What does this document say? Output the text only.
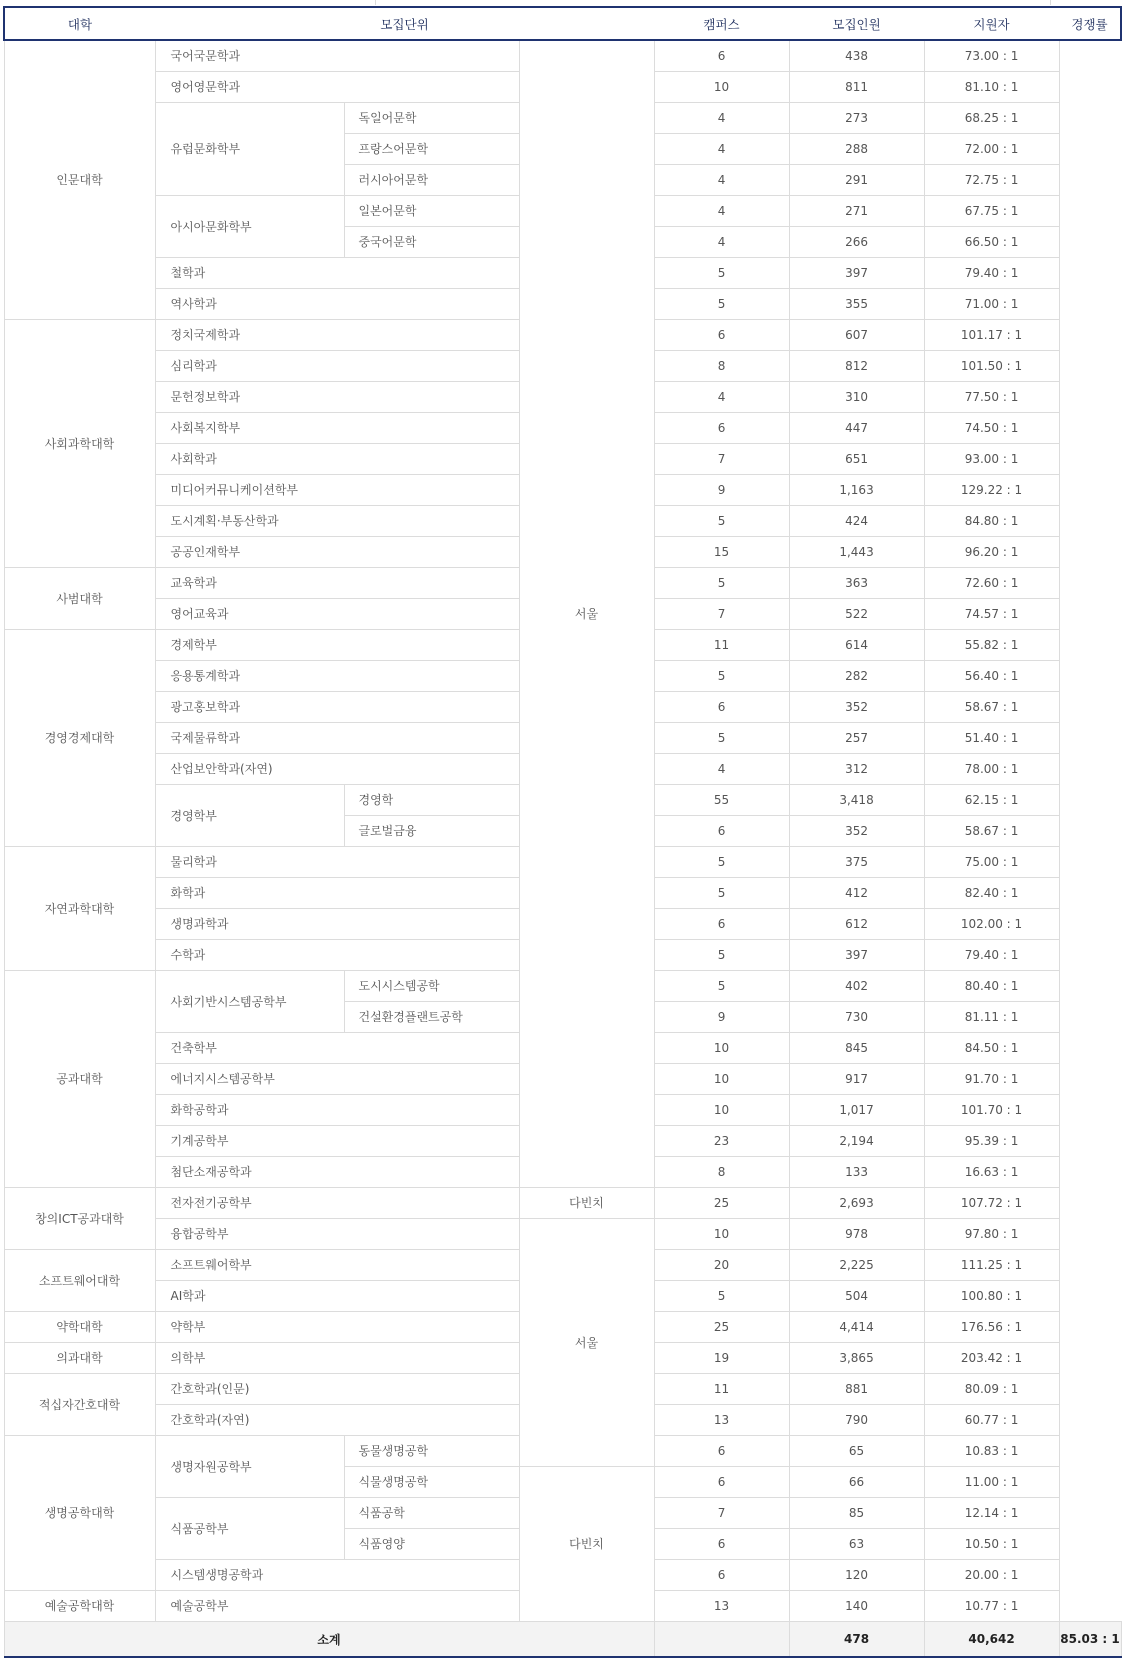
대학	모집단위			캠퍼스	모집인원	지원자	경쟁률
인문대학	국어국문학과		서울	6	438	73.00 : 1	
	영어영문학과			10	811	81.10 : 1	
	유럽문화학부	독일어문학		4	273	68.25 : 1	
		프랑스어문학		4	288	72.00 : 1	
		러시아어문학		4	291	72.75 : 1	
	아시아문화학부	일본어문학		4	271	67.75 : 1	
		중국어문학		4	266	66.50 : 1	
	철학과			5	397	79.40 : 1	
	역사학과			5	355	71.00 : 1	
사회과학대학	정치국제학과			6	607	101.17 : 1	
	심리학과			8	812	101.50 : 1	
	문헌정보학과			4	310	77.50 : 1	
	사회복지학부			6	447	74.50 : 1	
	사회학과			7	651	93.00 : 1	
	미디어커뮤니케이션학부			9	1,163	129.22 : 1	
	도시계획·부동산학과			5	424	84.80 : 1	
	공공인재학부			15	1,443	96.20 : 1	
사범대학	교육학과			5	363	72.60 : 1	
	영어교육과			7	522	74.57 : 1	
경영경제대학	경제학부			11	614	55.82 : 1	
	응용통계학과			5	282	56.40 : 1	
	광고홍보학과			6	352	58.67 : 1	
	국제물류학과			5	257	51.40 : 1	
	산업보안학과(자연)			4	312	78.00 : 1	
	경영학부	경영학		55	3,418	62.15 : 1	
		글로벌금융		6	352	58.67 : 1	
자연과학대학	물리학과			5	375	75.00 : 1	
	화학과			5	412	82.40 : 1	
	생명과학과			6	612	102.00 : 1	
	수학과			5	397	79.40 : 1	
공과대학	사회기반시스템공학부	도시시스템공학		5	402	80.40 : 1	
		건설환경플랜트공학		9	730	81.11 : 1	
	건축학부			10	845	84.50 : 1	
	에너지시스템공학부			10	917	91.70 : 1	
	화학공학과			10	1,017	101.70 : 1	
	기계공학부			23	2,194	95.39 : 1	
	첨단소재공학과			8	133	16.63 : 1	
창의ICT공과대학	전자전기공학부		다빈치	25	2,693	107.72 : 1	
	융합공학부		서울	10	978	97.80 : 1	
소프트웨어대학	소프트웨어학부			20	2,225	111.25 : 1	
	AI학과			5	504	100.80 : 1	
약학대학	약학부			25	4,414	176.56 : 1	
의과대학	의학부			19	3,865	203.42 : 1	
적십자간호대학	간호학과(인문)			11	881	80.09 : 1	
	간호학과(자연)			13	790	60.77 : 1	
생명공학대학	생명자원공학부	동물생명공학		6	65	10.83 : 1	
		식물생명공학	다빈치	6	66	11.00 : 1	
	식품공학부	식품공학		7	85	12.14 : 1	
		식품영양		6	63	10.50 : 1	
	시스템생명공학과			6	120	20.00 : 1	
예술공학대학	예술공학부			13	140	10.77 : 1	
소계					478	40,642	85.03 : 1
